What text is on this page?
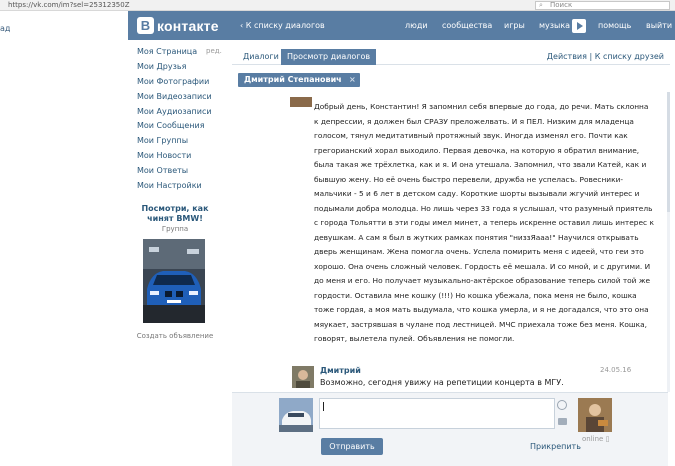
https://vk.com/im?sel=25312350Z	⌕ Поиск
ад	В контакте	‹ К списку диалогов	люди сообщества игры музыка	помощь выйти
ред.
Моя Страница
Мои Друзья
Мои Фотографии
Мои Видеозаписи
Мои Аудиозаписи
Мои Сообщения
Мои Группы
Мои Новости
Мои Ответы
Мои Настройки
Посмотри, как чинят BMW!
Группа
Создать объявление
Диалоги	Просмотр диалогов	Действия | К списку друзей
Дмитрий Степанович ×
Добрый день, Константин! Я запомнил себя впервые до года, до речи. Мать склонна к депрессии, я должен был СРАЗУ преложелвать. И я ПЕЛ. Низким для младенца голосом, тянул медитативный протяжный звук. Иногда изменял его. Почти как грегорианский хорал выходило. Первая девочка, на которую я обратил внимание, была такая же трёхлетка, как и я. И она утешала. Запомнил, что звали Катей, как и бывшую жену. Но её очень быстро перевели, дружба не успеласъ. Ровесники-мальчики - 5 и 6 лет в детском саду. Короткие шорты вызывали жгучий интерес и подымали добра молодца. Но лишь через 33 года я услышал, что разумный приятель с города Тольятти в эти годы имел минет, а теперь искренне оставил лишь интерес к девушкам. А сам я был в жутких рамках понятия "низзЯааа!" Научился открывать дверь женщинам. Жена помогла очень. Успела помирить меня с идеей, что геи это хорошо. Она очень сложный человек. Гордость её мешала. И со мной, и с другими. И до меня и его. Но получает музыкально-актёрское образование теперь силой той же гордости. Оставила мне кошку (!!!) Но кошка убежала, пока меня не было, кошка тоже гордая, а моя мать выдумала, что кошка умерла, и я не догадался, что это она мяукает, застрявшая в чулане под лестницей. МЧС приехала тоже без меня. Кошка, говорят, вылетела пулей. Объявления не помогли.
Дмитрий	24.05.16
Возможно, сегодня увижу на репетиции концерта в МГУ.
online ▯
Отправить	Прикрепить
